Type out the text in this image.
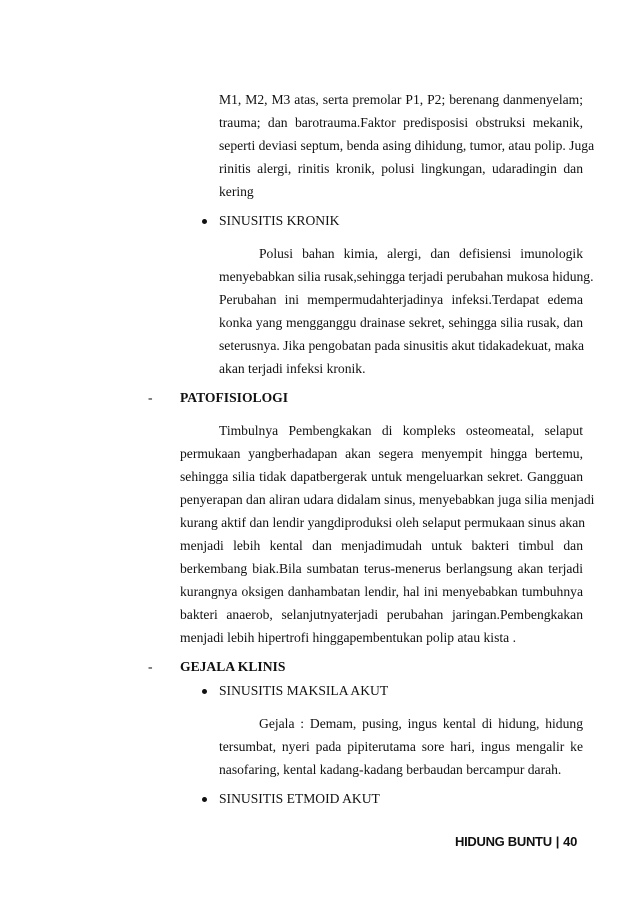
M1, M2, M3 atas, serta premolar P1, P2; berenang danmenyelam;
trauma; dan barotrauma.Faktor predisposisi obstruksi mekanik,
seperti deviasi septum, benda asing dihidung, tumor, atau polip. Juga
rinitis alergi, rinitis kronik, polusi lingkungan, udaradingin dan
kering
SINUSITIS KRONIK
Polusi bahan kimia, alergi, dan defisiensi imunologik
menyebabkan silia rusak,sehingga terjadi perubahan mukosa hidung.
Perubahan ini mempermudahterjadinya infeksi.Terdapat edema
konka yang mengganggu drainase sekret, sehingga silia rusak, dan
seterusnya. Jika pengobatan pada sinusitis akut tidakadekuat, maka
akan terjadi infeksi kronik.
- PATOFISIOLOGI
Timbulnya Pembengkakan di kompleks osteomeatal, selaput
permukaan yangberhadapan akan segera menyempit hingga bertemu,
sehingga silia tidak dapatbergerak untuk mengeluarkan sekret. Gangguan
penyerapan dan aliran udara didalam sinus, menyebabkan juga silia menjadi
kurang aktif dan lendir yangdiproduksi oleh selaput permukaan sinus akan
menjadi lebih kental dan menjadimudah untuk bakteri timbul dan
berkembang biak.Bila sumbatan terus-menerus berlangsung akan terjadi
kurangnya oksigen danhambatan lendir, hal ini menyebabkan tumbuhnya
bakteri anaerob, selanjutnyaterjadi perubahan jaringan.Pembengkakan
menjadi lebih hipertrofi hinggapembentukan polip atau kista .
- GEJALA KLINIS
SINUSITIS MAKSILA AKUT
Gejala : Demam, pusing, ingus kental di hidung, hidung
tersumbat, nyeri pada pipiterutama sore hari, ingus mengalir ke
nasofaring, kental kadang-kadang berbaudan bercampur darah.
SINUSITIS ETMOID AKUT
HIDUNG BUNTU | 40
